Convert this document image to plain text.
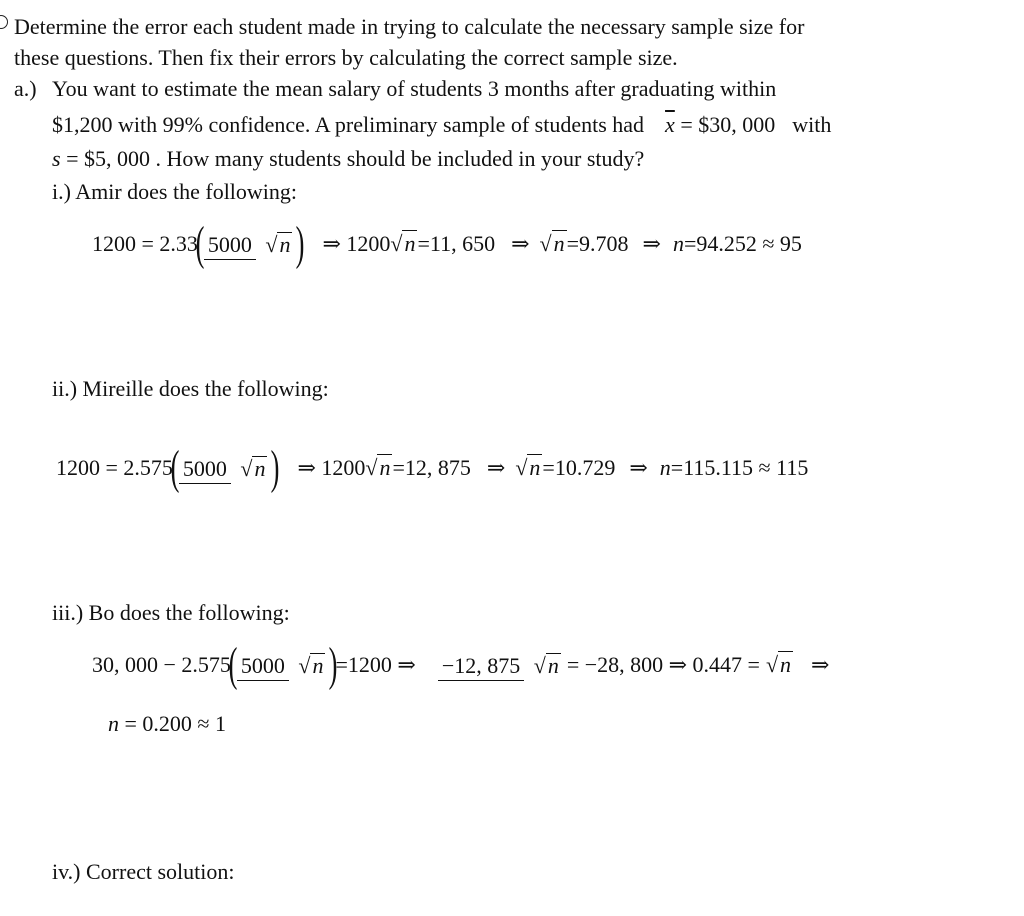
Determine the error each student made in trying to calculate the necessary sample size for
these questions. Then fix their errors by calculating the correct sample size.
a.) You want to estimate the mean salary of students 3 months after graduating within
$1,200 with 99% confidence. A preliminary sample of students had $\overline{x}$ = $30, 000 with
s = $5, 000 . How many students should be included in your study?
i.) Amir does the following:
1200 = 2.33
( 5000 √ n ) ⇒ 1200 √n =11, 650 ⇒ √n =9.708 ⇒ n =94.252 ≈ 95
ii.) Mireille does the following:
1200 = 2.575
( 5000 √ n ) ⇒ 1200 √n =12, 875 ⇒ √n =10.729 ⇒ n =115.115 ≈ 115
iii.) Bo does the following:
30, 000 − 2.575
( 5000 √ n )
=1200 ⇒ −12, 875 √ n = −28, 800 ⇒ 0.447 = √n ⇒
n = 0.200 ≈ 1
iv.) Correct solution:
